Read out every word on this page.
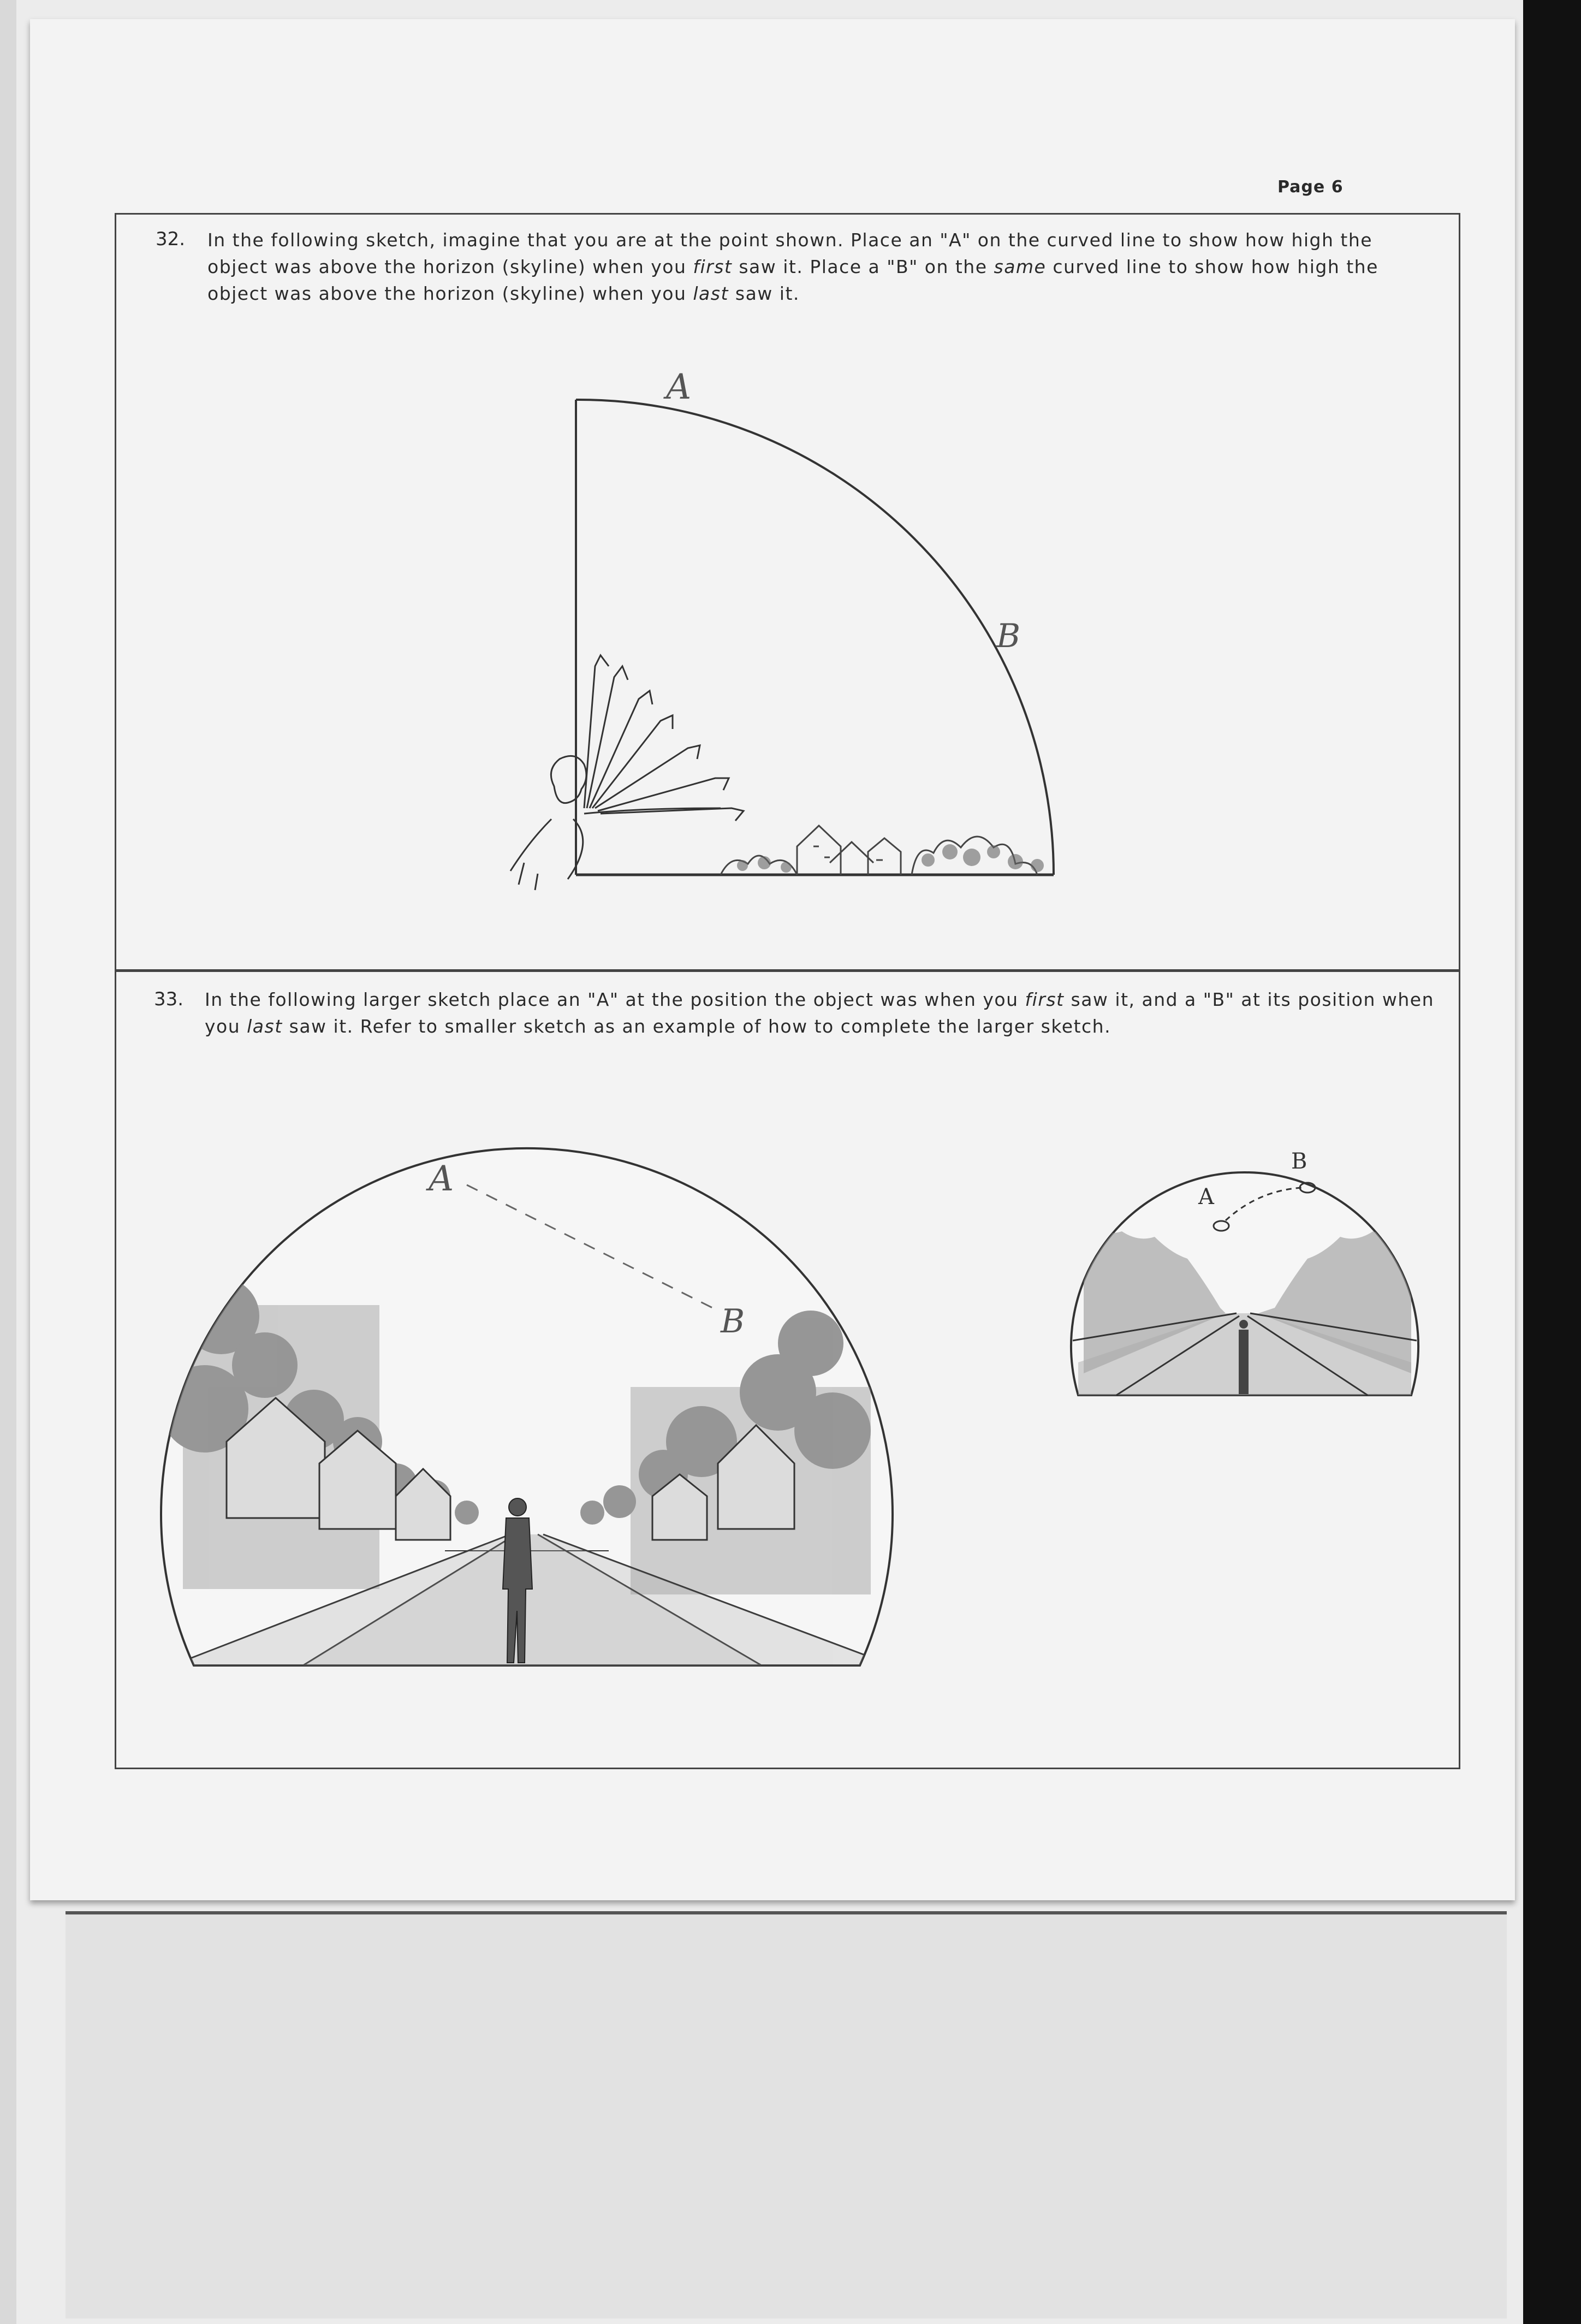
Page 6
32. In the following sketch, imagine that you are at the point shown. Place an "A" on the curved line to show how high the object was above the horizon (skyline) when you first saw it. Place a "B" on the same curved line to show how high the object was above the horizon (skyline) when you last saw it.

A
B
33. In the following larger sketch place an "A" at the position the object was when you first saw it, and a "B" at its position when you last saw it. Refer to smaller sketch as an example of how to complete the larger sketch.

A
B
A
B
